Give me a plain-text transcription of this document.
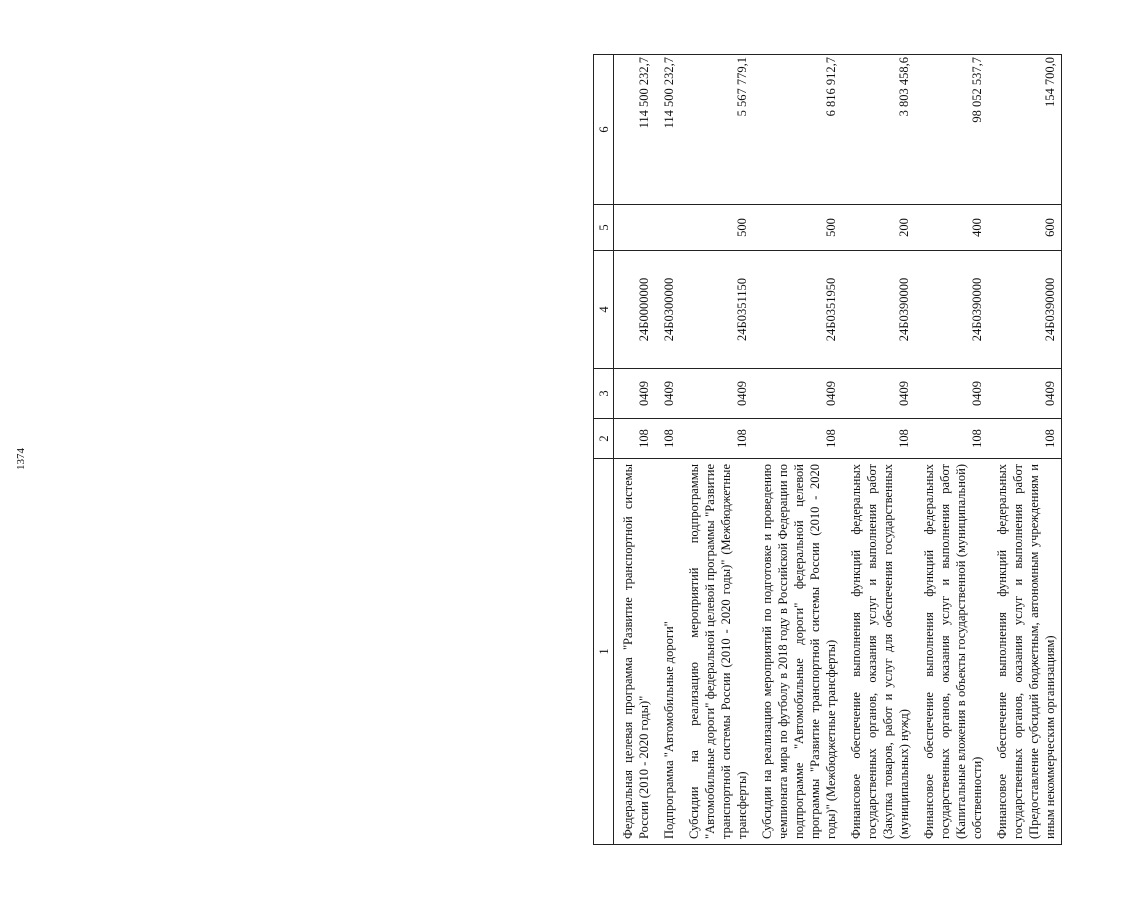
1374
1	2	3	4	5	6
Федеральная целевая программа "Развитие транспортной системы России (2010 - 2020 годы)"	108	0409	24Б0000000		114 500 232,7
Подпрограмма "Автомобильные дороги"	108	0409	24Б0300000		114 500 232,7
Субсидии на реализацию мероприятий подпрограммы "Автомобильные дороги" федеральной целевой программы "Развитие транспортной системы России (2010 - 2020 годы)" (Межбюджетные трансферты)	108	0409	24Б0351150	500	5 567 779,1
Субсидии на реализацию мероприятий по подготовке и проведению чемпионата мира по футболу в 2018 году в Российской Федерации по подпрограмме "Автомобильные дороги" федеральной целевой программы "Развитие транспортной системы России (2010 - 2020 годы)" (Межбюджетные трансферты)	108	0409	24Б0351950	500	6 816 912,7
Финансовое обеспечение выполнения функций федеральных государственных органов, оказания услуг и выполнения работ (Закупка товаров, работ и услуг для обеспечения государственных (муниципальных) нужд)	108	0409	24Б0390000	200	3 803 458,6
Финансовое обеспечение выполнения функций федеральных государственных органов, оказания услуг и выполнения работ (Капитальные вложения в объекты государственной (муниципальной) собственности)	108	0409	24Б0390000	400	98 052 537,7
Финансовое обеспечение выполнения функций федеральных государственных органов, оказания услуг и выполнения работ (Предоставление субсидий бюджетным, автономным учреждениям и иным некоммерческим организациям)	108	0409	24Б0390000	600	154 700,0
